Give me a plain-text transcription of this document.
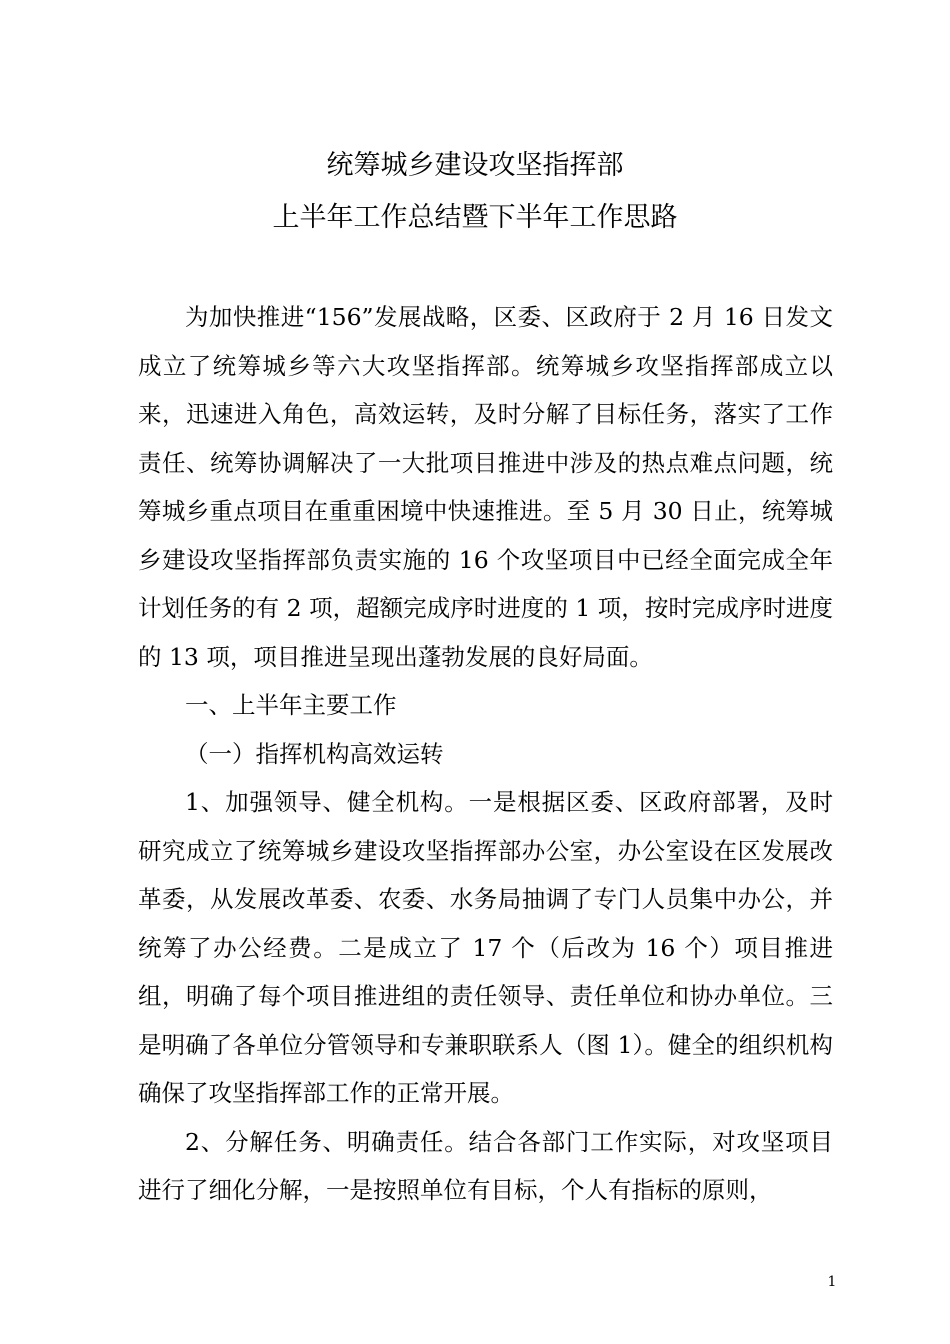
统筹城乡建设攻坚指挥部
上半年工作总结暨下半年工作思路

为加快推进“156”发展战略，区委、区政府于 2 月 16 日发文成立了统筹城乡等六大攻坚指挥部。统筹城乡攻坚指挥部成立以来，迅速进入角色，高效运转，及时分解了目标任务，落实了工作责任、统筹协调解决了一大批项目推进中涉及的热点难点问题，统筹城乡重点项目在重重困境中快速推进。至 5 月 30 日止，统筹城乡建设攻坚指挥部负责实施的 16 个攻坚项目中已经全面完成全年计划任务的有 2 项，超额完成序时进度的 1 项，按时完成序时进度的 13 项，项目推进呈现出蓬勃发展的良好局面。

一、上半年主要工作

（一）指挥机构高效运转

1、加强领导、健全机构。一是根据区委、区政府部署，及时研究成立了统筹城乡建设攻坚指挥部办公室，办公室设在区发展改革委，从发展改革委、农委、水务局抽调了专门人员集中办公，并统筹了办公经费。二是成立了 17 个（后改为 16 个）项目推进组，明确了每个项目推进组的责任领导、责任单位和协办单位。三是明确了各单位分管领导和专兼职联系人（图 1）。健全的组织机构确保了攻坚指挥部工作的正常开展。

2、分解任务、明确责任。结合各部门工作实际，对攻坚项目进行了细化分解，一是按照单位有目标，个人有指标的原则，

1
